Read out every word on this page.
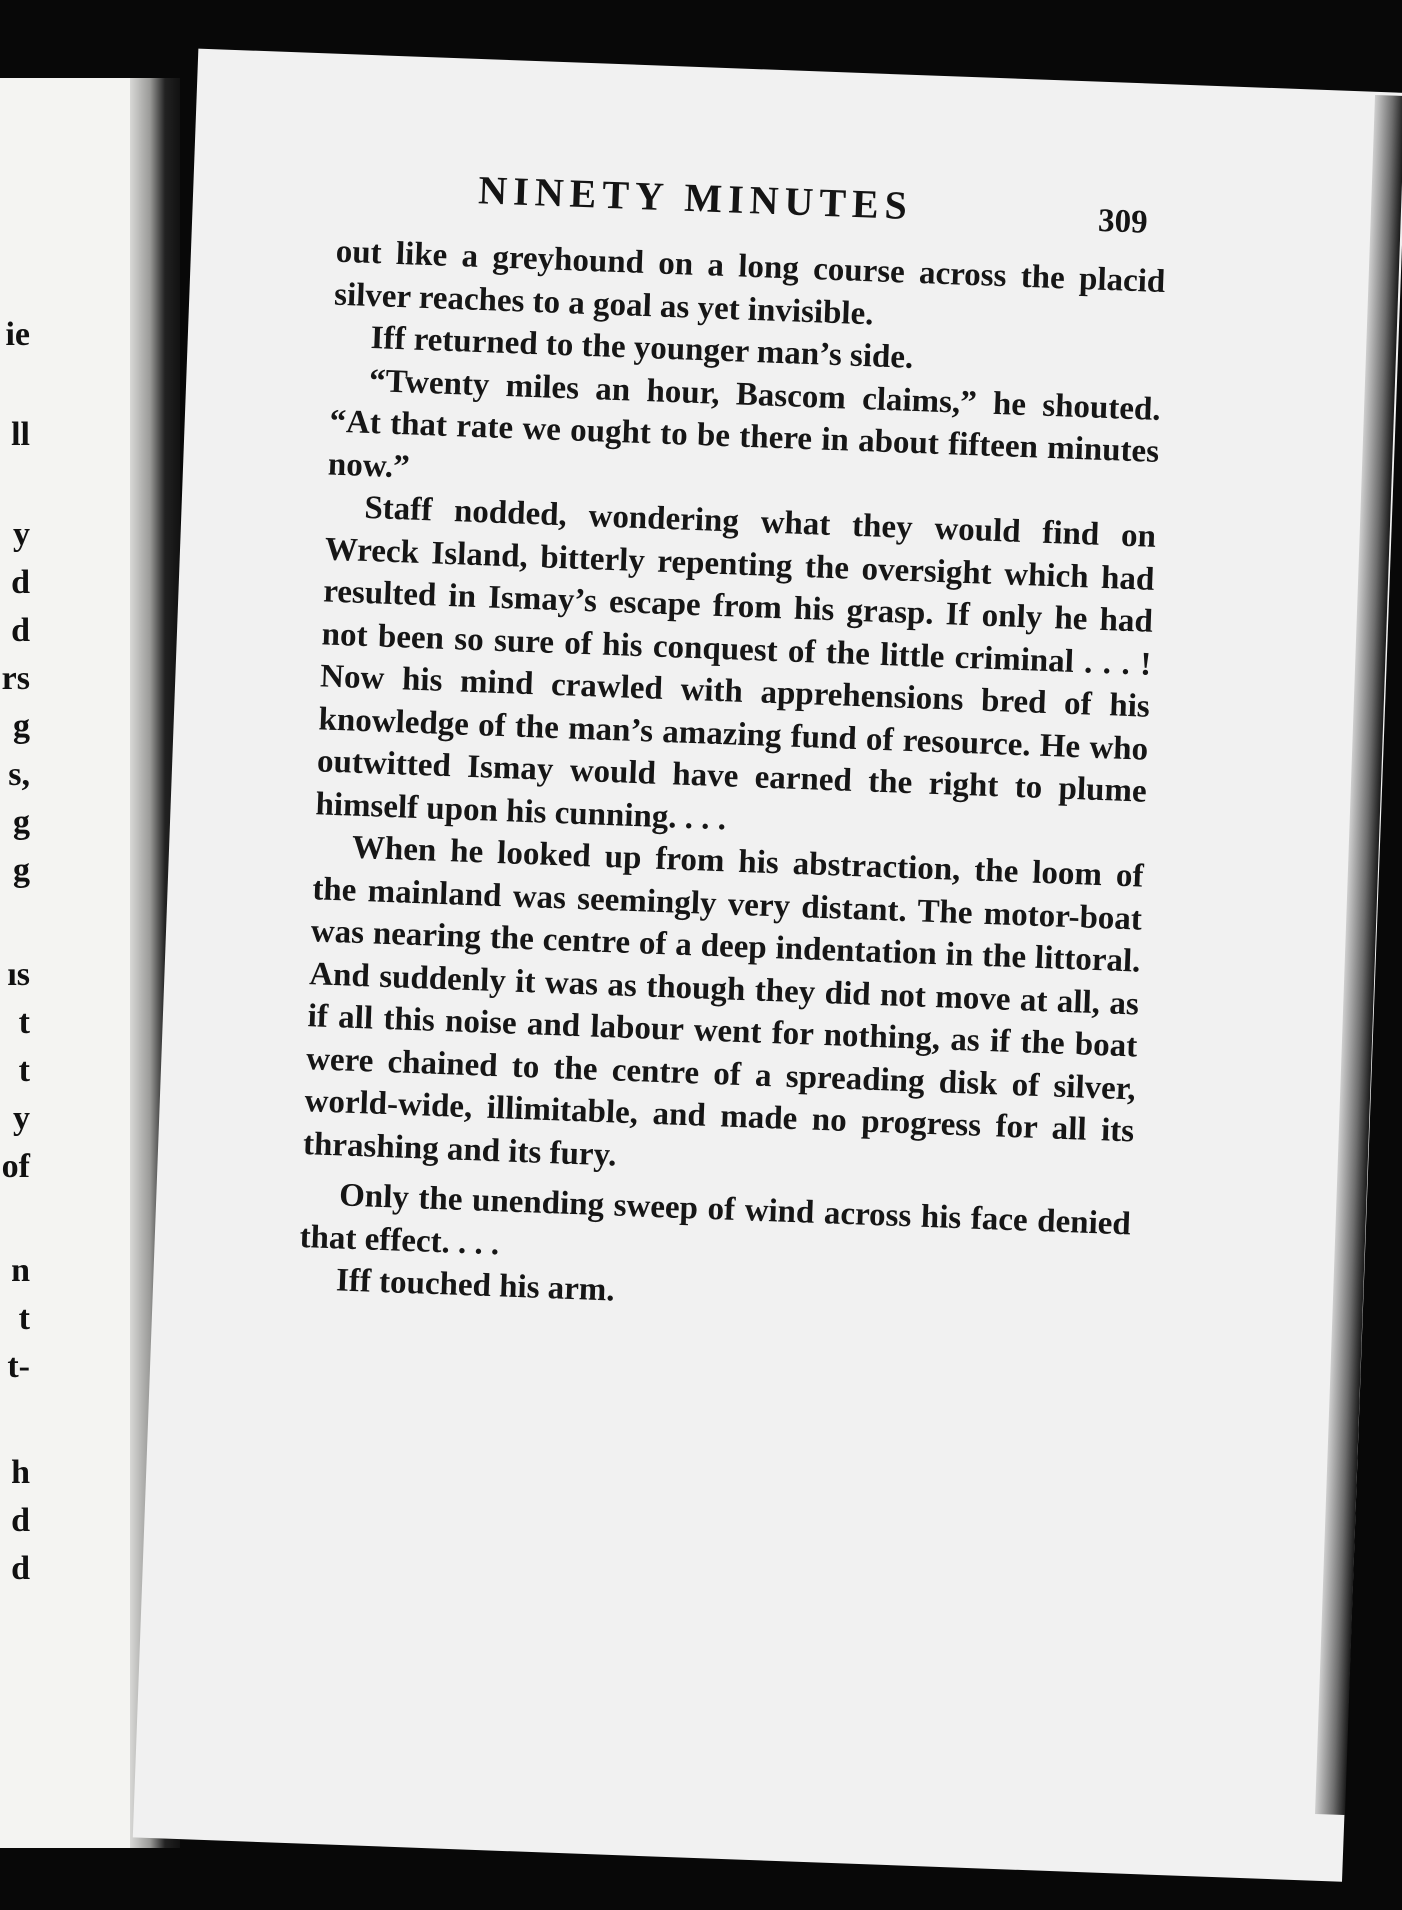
ie
ll
y
d
d
rs
g
s,
g
g
ıs
t
t
y
of
n
t
t-
h
d
d
NINETY MINUTES	309

out like a greyhound on a long course across the placid silver reaches to a goal as yet invisible.

Iff returned to the younger man’s side.

“Twenty miles an hour, Bascom claims,” he shouted. “At that rate we ought to be there in about fifteen minutes now.”

Staff nodded, wondering what they would find on Wreck Island, bitterly repenting the oversight which had resulted in Ismay’s escape from his grasp. If only he had not been so sure of his conquest of the little criminal . . . ! Now his mind crawled with apprehensions bred of his knowledge of the man’s amazing fund of resource. He who outwitted Ismay would have earned the right to plume himself upon his cunning. . . .

When he looked up from his abstraction, the loom of the mainland was seemingly very distant. The motor-boat was nearing the centre of a deep indentation in the littoral. And suddenly it was as though they did not move at all, as if all this noise and labour went for nothing, as if the boat were chained to the centre of a spreading disk of silver, world-wide, illimitable, and made no progress for all its thrashing and its fury.

Only the unending sweep of wind across his face denied that effect. . . .

Iff touched his arm.
